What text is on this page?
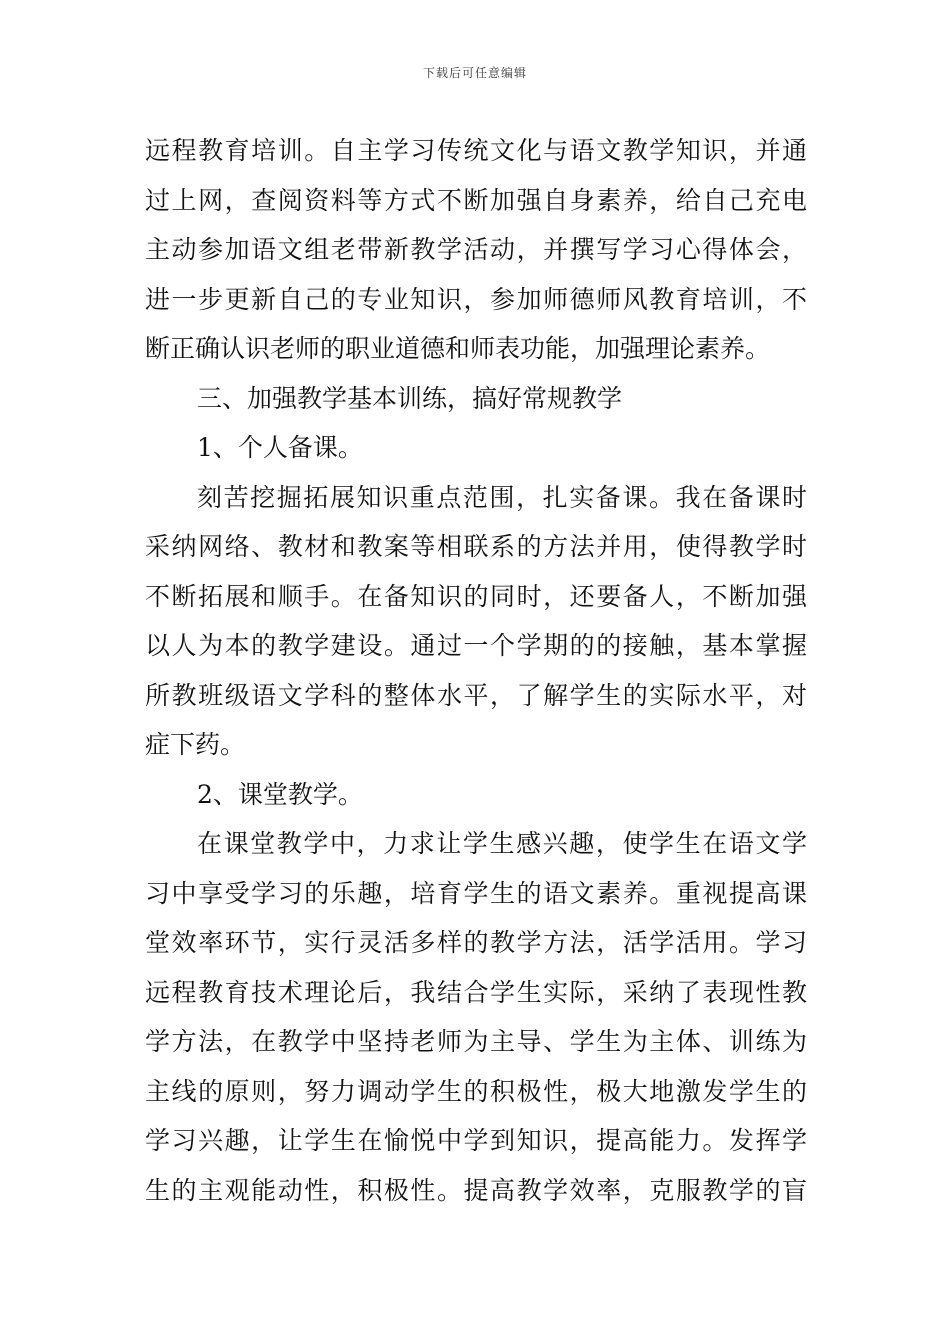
下载后可任意编辑
远程教育培训。自主学习传统文化与语文教学知识，并通
过上网，查阅资料等方式不断加强自身素养，给自己充电
主动参加语文组老带新教学活动，并撰写学习心得体会，
进一步更新自己的专业知识，参加师德师风教育培训，不
断正确认识老师的职业道德和师表功能，加强理论素养。
三、加强教学基本训练，搞好常规教学
1、个人备课。
刻苦挖掘拓展知识重点范围，扎实备课。我在备课时
采纳网络、教材和教案等相联系的方法并用，使得教学时
不断拓展和顺手。在备知识的同时，还要备人，不断加强
以人为本的教学建设。通过一个学期的的接触，基本掌握
所教班级语文学科的整体水平，了解学生的实际水平，对
症下药。
2、课堂教学。
在课堂教学中，力求让学生感兴趣，使学生在语文学
习中享受学习的乐趣，培育学生的语文素养。重视提高课
堂效率环节，实行灵活多样的教学方法，活学活用。学习
远程教育技术理论后，我结合学生实际，采纳了表现性教
学方法，在教学中坚持老师为主导、学生为主体、训练为
主线的原则，努力调动学生的积极性，极大地激发学生的
学习兴趣，让学生在愉悦中学到知识，提高能力。发挥学
生的主观能动性，积极性。提高教学效率，克服教学的盲
